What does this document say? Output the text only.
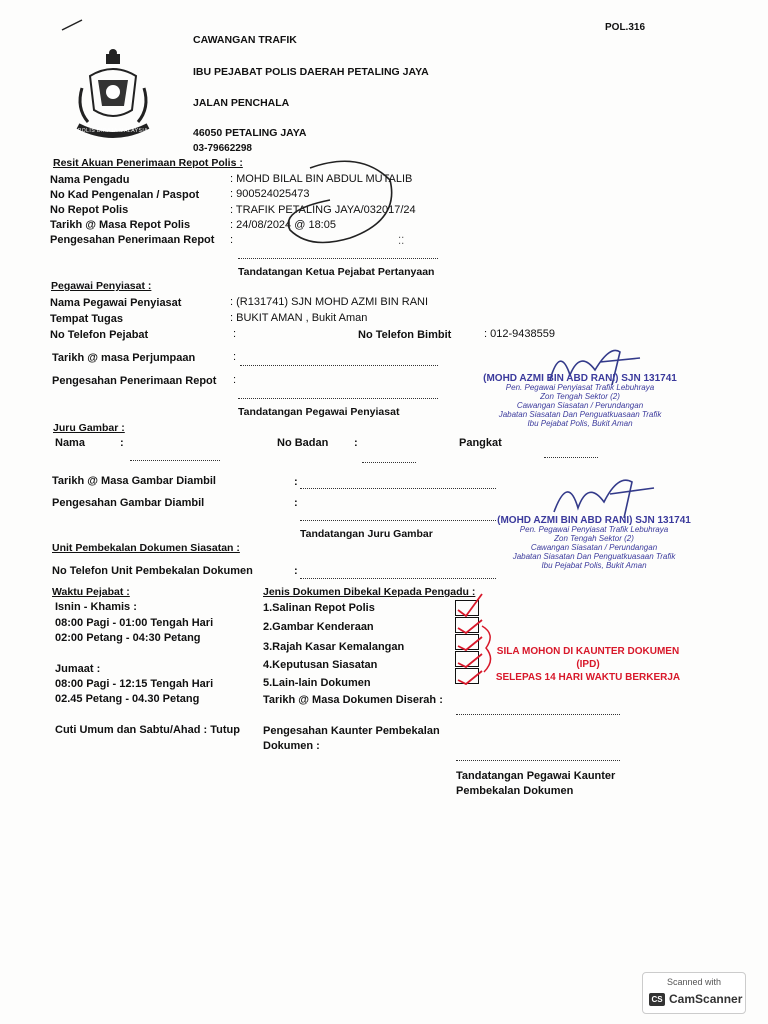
POL.316
POLIS DIRAJA MALAYSIA
CAWANGAN TRAFIK
IBU PEJABAT POLIS DAERAH PETALING JAYA
JALAN PENCHALA
46050 PETALING JAYA
03-79662298
Resit Akuan Penerimaan Repot Polis :
Nama Pengadu	: MOHD BILAL BIN ABDUL MUTALIB
No Kad Pengenalan / Paspot	: 900524025473
No Repot Polis	: TRAFIK PETALING JAYA/032017/24
Tarikh @ Masa Repot Polis	: 24/08/2024 @ 18:05
Pengesahan Penerimaan Repot :	⁚⁚
Tandatangan Ketua Pejabat Pertanyaan
Pegawai Penyiasat :
Nama Pegawai Penyiasat	: (R131741) SJN MOHD AZMI BIN RANI
Tempat Tugas	: BUKIT AMAN , Bukit Aman
No Telefon Pejabat	:	No Telefon Bimbit	: 012-9438559
Tarikh @ masa Perjumpaan	:
Pengesahan Penerimaan Repot :
Tandatangan Pegawai Penyiasat
(MOHD AZMI BIN ABD RANI) SJN 131741
Pen. Pegawai Penyiasat Trafik Lebuhraya
Zon Tengah Sektor (2)
Cawangan Siasatan / Perundangan
Jabatan Siasatan Dan Penguatkuasaan Trafik
Ibu Pejabat Polis, Bukit Aman
Juru Gambar :
Nama	:	No Badan :	Pangkat
Tarikh @ Masa Gambar Diambil	:
Pengesahan Gambar Diambil	:
Tandatangan Juru Gambar
(MOHD AZMI BIN ABD RANI) SJN 131741
Pen. Pegawai Penyiasat Trafik Lebuhraya
Zon Tengah Sektor (2)
Cawangan Siasatan / Perundangan
Jabatan Siasatan Dan Penguatkuasaan Trafik
Ibu Pejabat Polis, Bukit Aman
Unit Pembekalan Dokumen Siasatan :
No Telefon Unit Pembekalan Dokumen	:
Waktu Pejabat :
Isnin - Khamis :
08:00 Pagi - 01:00 Tengah Hari
02:00 Petang - 04:30 Petang
Jumaat :
08:00 Pagi - 12:15 Tengah Hari
02.45 Petang - 04.30 Petang
Cuti Umum dan Sabtu/Ahad : Tutup
Jenis Dokumen Dibekal Kepada Pengadu :
1.Salinan Repot Polis
2.Gambar Kenderaan
3.Rajah Kasar Kemalangan
4.Keputusan Siasatan
5.Lain-lain Dokumen
SILA MOHON DI KAUNTER DOKUMEN (IPD)
SELEPAS 14 HARI WAKTU BERKERJA
Tarikh @ Masa Dokumen Diserah :
Pengesahan Kaunter Pembekalan
Dokumen :
Tandatangan Pegawai Kaunter
Pembekalan Dokumen
Scanned with
CS CamScanner
